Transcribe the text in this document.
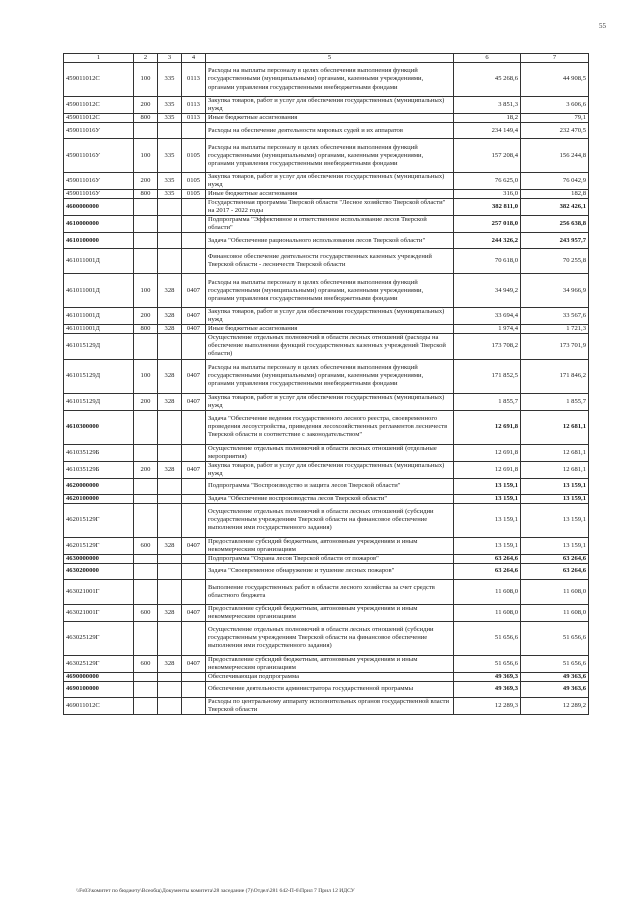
55
1	2	3	4	5	6	7
459011012С	100	335	0113	Расходы на выплаты персоналу в целях обеспечения выполнения функций государственными (муниципальными) органами, казенными учреждениями, органами управления государственными внебюджетными фондами	45 268,6	44 908,5
459011012С	200	335	0113	Закупка товаров, работ и услуг для обеспечения государственных (муниципальных) нужд	3 851,3	3 606,6
459011012С	800	335	0113	Иные бюджетные ассигнования	18,2	79,1
459011016У				Расходы на обеспечение деятельности мировых судей и их аппаратов	234 149,4	232 470,5
459011016У	100	335	0105	Расходы на выплаты персоналу в целях обеспечения выполнения функций государственными (муниципальными) органами, казенными учреждениями, органами управления государственными внебюджетными фондами	157 208,4	156 244,8
459011016У	200	335	0105	Закупка товаров, работ и услуг для обеспечения государственных (муниципальных) нужд	76 625,0	76 042,9
459011016У	800	335	0105	Иные бюджетные ассигнования	316,0	182,8
4600000000				Государственная программа Тверской области "Лесное хозяйство Тверской области" на 2017 - 2022 годы	382 811,0	382 426,1
4610000000				Подпрограмма "Эффективное и ответственное использование лесов Тверской области"	257 018,0	256 638,8
4610100000				Задача "Обеспечение рационального использования лесов Тверской области"	244 326,2	243 957,7
461011001Д				Финансовое обеспечение деятельности государственных казенных учреждений Тверской области - лесничеств Тверской области	70 618,0	70 255,8
461011001Д	100	328	0407	Расходы на выплаты персоналу в целях обеспечения выполнения функций государственными (муниципальными) органами, казенными учреждениями, органами управления государственными внебюджетными фондами	34 949,2	34 966,9
461011001Д	200	328	0407	Закупка товаров, работ и услуг для обеспечения государственных (муниципальных) нужд	33 694,4	33 567,6
461011001Д	800	328	0407	Иные бюджетные ассигнования	1 974,4	1 721,3
461015129Д				Осуществление отдельных полномочий в области лесных отношений (расходы на обеспечение выполнения функций государственных казенных учреждений Тверской области)	173 708,2	173 701,9
461015129Д	100	328	0407	Расходы на выплаты персоналу в целях обеспечения выполнения функций государственными (муниципальными) органами, казенными учреждениями, органами управления государственными внебюджетными фондами	171 852,5	171 846,2
461015129Д	200	328	0407	Закупка товаров, работ и услуг для обеспечения государственных (муниципальных) нужд	1 855,7	1 855,7
4610300000				Задача "Обеспечение ведения государственного лесного реестра, своевременного проведения лесоустройства, приведения лесохозяйственных регламентов лесничеств Тверской области в соответствие с законодательством"	12 691,8	12 681,1
461035129Б				Осуществление отдельных полномочий в области лесных отношений (отдельные мероприятия)	12 691,8	12 681,1
461035129Б	200	328	0407	Закупка товаров, работ и услуг для обеспечения государственных (муниципальных) нужд	12 691,8	12 681,1
4620000000				Подпрограмма "Воспроизводство и защита лесов Тверской области"	13 159,1	13 159,1
4620100000				Задача "Обеспечение воспроизводства лесов Тверской области"	13 159,1	13 159,1
462015129Г				Осуществление отдельных полномочий в области лесных отношений (субсидии государственным учреждениям Тверской области на финансовое обеспечение выполнения ими государственного задания)	13 159,1	13 159,1
462015129Г	600	328	0407	Предоставление субсидий бюджетным, автономным учреждениям и иным некоммерческим организациям	13 159,1	13 159,1
4630000000				Подпрограмма "Охрана лесов Тверской области от пожаров"	63 264,6	63 264,6
4630200000				Задача "Своевременное обнаружение и тушение лесных пожаров"	63 264,6	63 264,6
463021001Г				Выполнение государственных работ в области лесного хозяйства за счет средств областного бюджета	11 608,0	11 608,0
463021001Г	600	328	0407	Предоставление субсидий бюджетным, автономным учреждениям и иным некоммерческим организациям	11 608,0	11 608,0
463025129Г				Осуществление отдельных полномочий в области лесных отношений (субсидии государственным учреждениям Тверской области на финансовое обеспечение выполнения ими государственного задания)	51 656,6	51 656,6
463025129Г	600	328	0407	Предоставление субсидий бюджетным, автономным учреждениям и иным некоммерческим организациям	51 656,6	51 656,6
4690000000				Обеспечивающая подпрограмма	49 369,3	49 363,6
4690100000				Обеспечение деятельности администратора государственной программы	49 369,3	49 363,6
469011012С				Расходы по центральному аппарату исполнительных органов государственной власти Тверской области	12 289,3	12 289,2
\\Fs03\комитет по бюджету\Всеобщ\Документы комитета\28 заседание (7)\Отдел\281 642-П-6\Прил 7 Прил 12 ИДСУ
